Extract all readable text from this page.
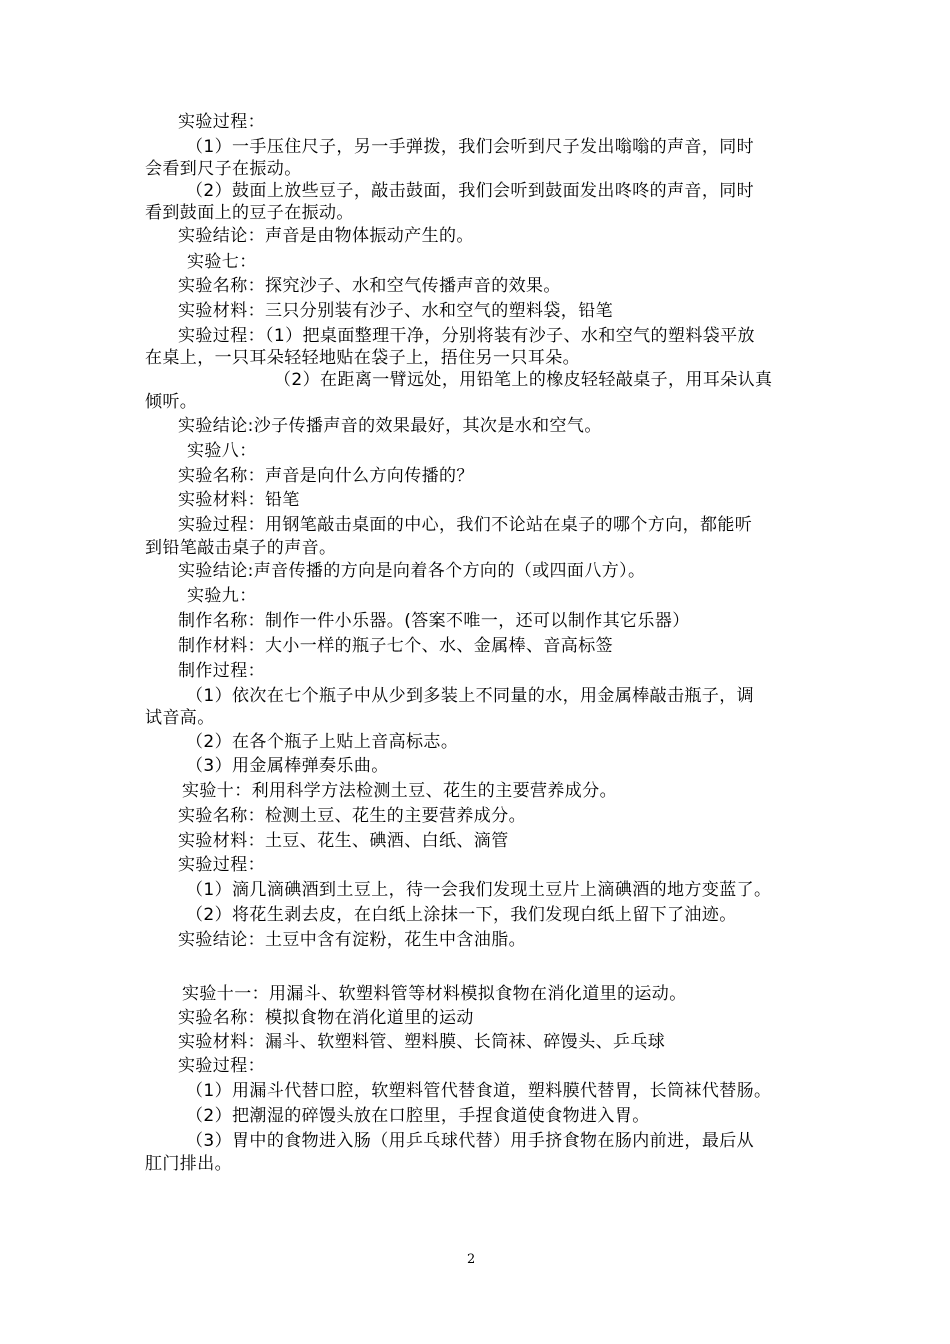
实验过程：

（1）一手压住尺子，另一手弹拨，我们会听到尺子发出嗡嗡的声音，同时

会看到尺子在振动。

（2）鼓面上放些豆子，敲击鼓面，我们会听到鼓面发出咚咚的声音，同时

看到鼓面上的豆子在振动。

实验结论：声音是由物体振动产生的。

实验七：

实验名称：探究沙子、水和空气传播声音的效果。

实验材料：三只分别装有沙子、水和空气的塑料袋，铅笔

实验过程：（1）把桌面整理干净，分别将装有沙子、水和空气的塑料袋平放

在桌上，一只耳朵轻轻地贴在袋子上，捂住另一只耳朵。

（2）在距离一臂远处，用铅笔上的橡皮轻轻敲桌子，用耳朵认真

倾听。

实验结论:沙子传播声音的效果最好，其次是水和空气。

实验八：

实验名称：声音是向什么方向传播的？

实验材料：铅笔

实验过程：用钢笔敲击桌面的中心，我们不论站在桌子的哪个方向，都能听

到铅笔敲击桌子的声音。

实验结论:声音传播的方向是向着各个方向的（或四面八方）。

实验九：

制作名称：制作一件小乐器。(答案不唯一，还可以制作其它乐器）

制作材料：大小一样的瓶子七个、水、金属棒、音高标签

制作过程：

（1）依次在七个瓶子中从少到多装上不同量的水，用金属棒敲击瓶子，调

试音高。

（2）在各个瓶子上贴上音高标志。

（3）用金属棒弹奏乐曲。

实验十：利用科学方法检测土豆、花生的主要营养成分。

实验名称：检测土豆、花生的主要营养成分。

实验材料：土豆、花生、碘酒、白纸、滴管

实验过程：

（1）滴几滴碘酒到土豆上，待一会我们发现土豆片上滴碘酒的地方变蓝了。

（2）将花生剥去皮，在白纸上涂抹一下，我们发现白纸上留下了油迹。

实验结论：土豆中含有淀粉，花生中含油脂。

实验十一：用漏斗、软塑料管等材料模拟食物在消化道里的运动。

实验名称：模拟食物在消化道里的运动

实验材料：漏斗、软塑料管、塑料膜、长筒袜、碎馒头、乒乓球

实验过程：

（1）用漏斗代替口腔，软塑料管代替食道，塑料膜代替胃，长筒袜代替肠。

（2）把潮湿的碎馒头放在口腔里，手捏食道使食物进入胃。

（3）胃中的食物进入肠（用乒乓球代替）用手挤食物在肠内前进，最后从

肛门排出。

2
